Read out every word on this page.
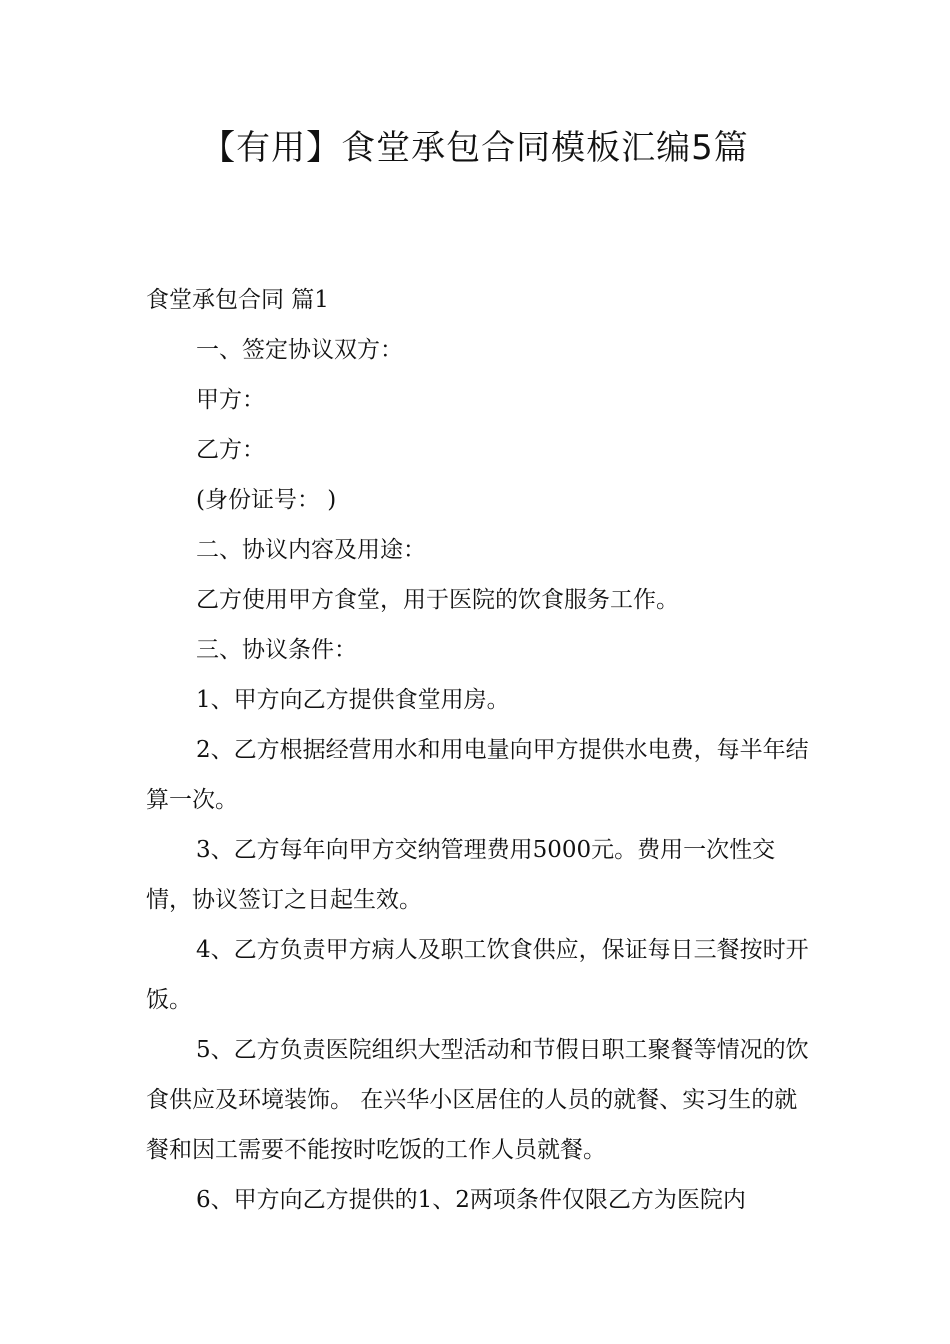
【有用】食堂承包合同模板汇编5篇

食堂承包合同 篇1

一、签定协议双方：

甲方：

乙方：

(身份证号： )

二、协议内容及用途：

乙方使用甲方食堂，用于医院的饮食服务工作。

三、协议条件：

1、甲方向乙方提供食堂用房。

2、乙方根据经营用水和用电量向甲方提供水电费，每半年结算一次。

3、乙方每年向甲方交纳管理费用5000元。费用一次性交情，协议签订之日起生效。

4、乙方负责甲方病人及职工饮食供应，保证每日三餐按时开饭。

5、乙方负责医院组织大型活动和节假日职工聚餐等情况的饮食供应及环境装饰。 在兴华小区居住的人员的就餐、实习生的就餐和因工需要不能按时吃饭的工作人员就餐。

6、甲方向乙方提供的1、2两项条件仅限乙方为医院内
